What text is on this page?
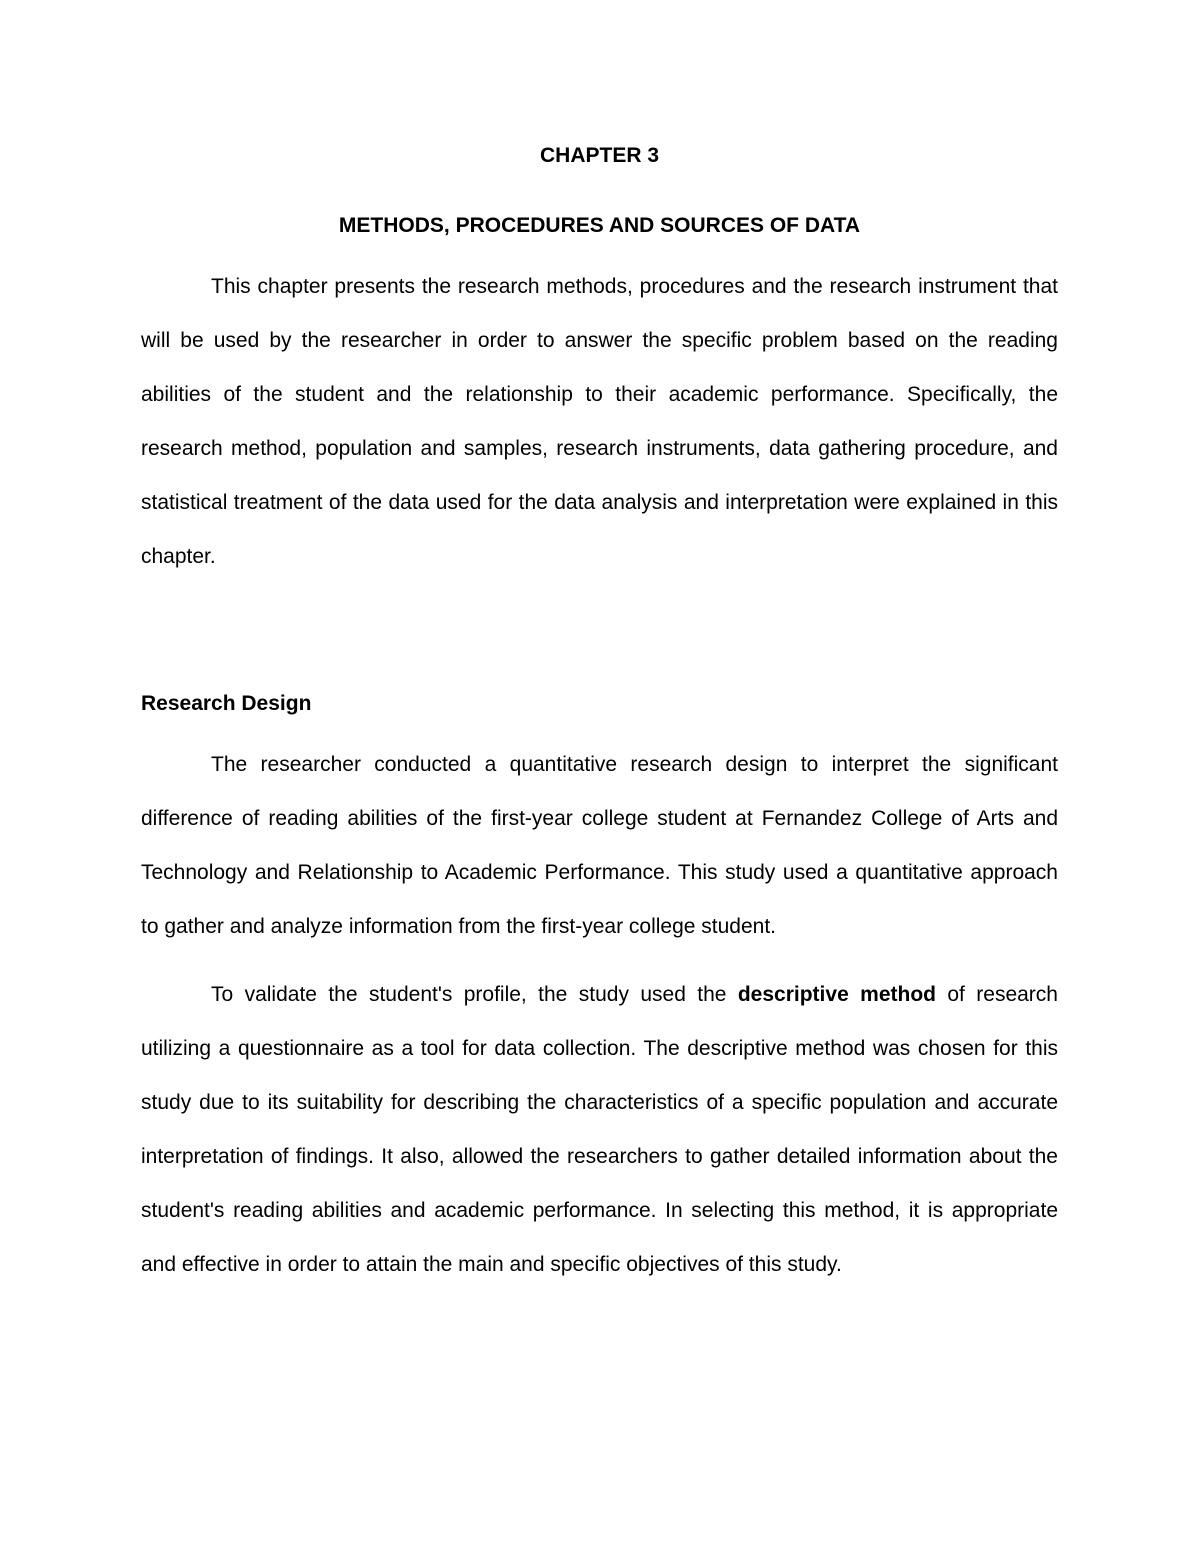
CHAPTER 3
METHODS, PROCEDURES AND SOURCES OF DATA

This chapter presents the research methods, procedures and the research instrument that will be used by the researcher in order to answer the specific problem based on the reading abilities of the student and the relationship to their academic performance. Specifically, the research method, population and samples, research instruments, data gathering procedure, and statistical treatment of the data used for the data analysis and interpretation were explained in this chapter.

Research Design

The researcher conducted a quantitative research design to interpret the significant difference of reading abilities of the first-year college student at Fernandez College of Arts and Technology and Relationship to Academic Performance. This study used a quantitative approach to gather and analyze information from the first-year college student.

To validate the student's profile, the study used the descriptive method of research utilizing a questionnaire as a tool for data collection. The descriptive method was chosen for this study due to its suitability for describing the characteristics of a specific population and accurate interpretation of findings. It also, allowed the researchers to gather detailed information about the student's reading abilities and academic performance. In selecting this method, it is appropriate and effective in order to attain the main and specific objectives of this study.
